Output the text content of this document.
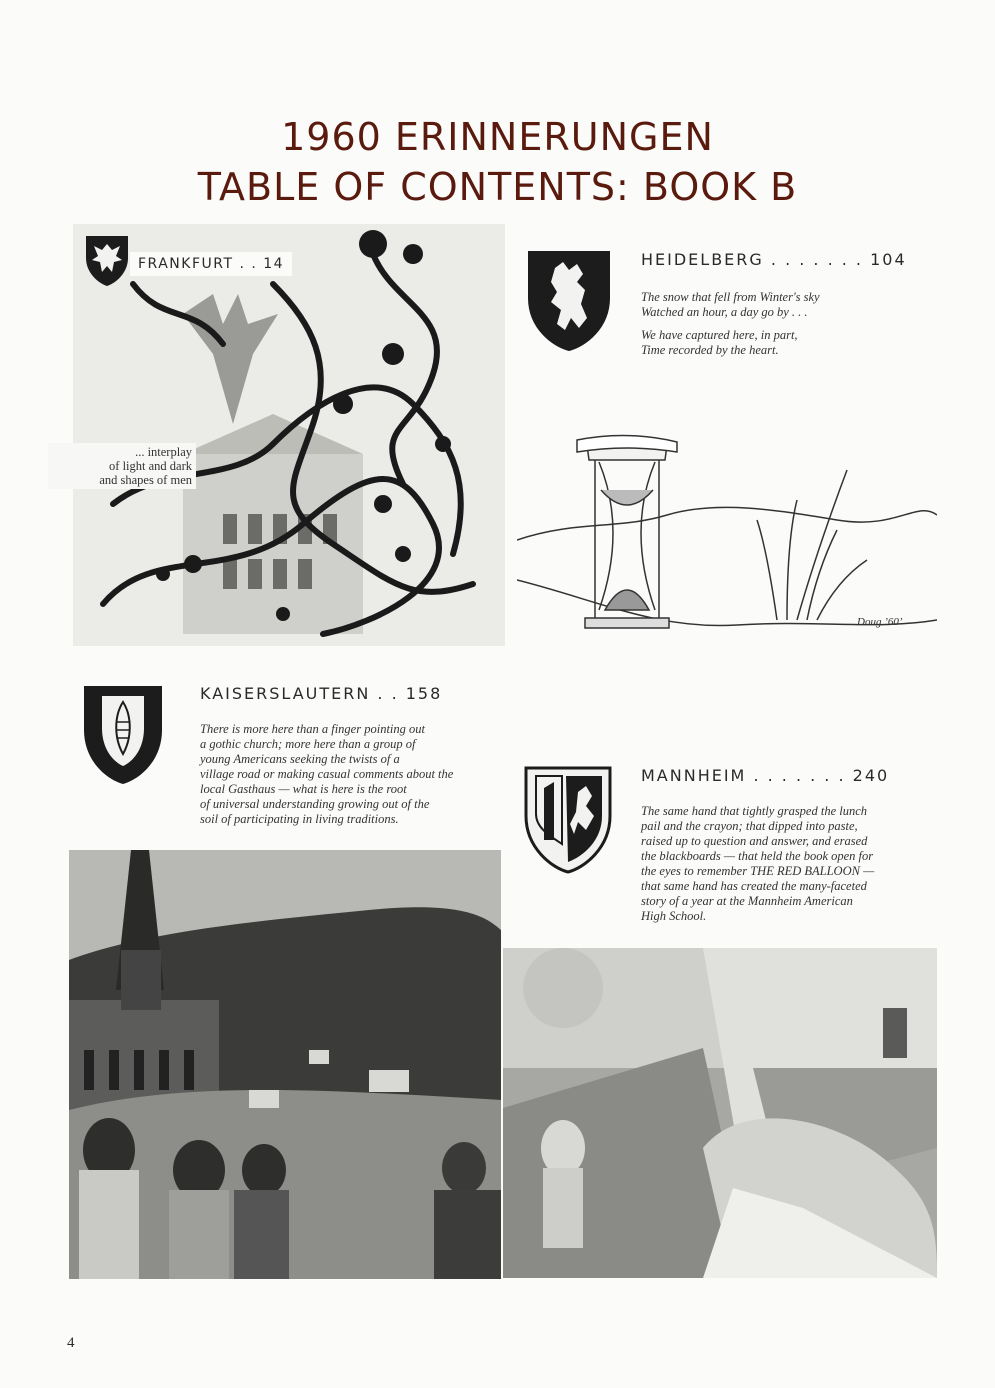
1960 ERINNERUNGEN
TABLE OF CONTENTS: BOOK B
FRANKFURT . . 14
... interplay
of light and dark
and shapes of men
HEIDELBERG . . . . . . . 104

The snow that fell from Winter's sky
Watched an hour, a day go by . . .

We have captured here, in part,
Time recorded by the heart.

Doug ’60’
KAISERSLAUTERN . . 158
There is more here than a finger pointing out
a gothic church; more here than a group of
young Americans seeking the twists of a
village road or making casual comments about the
local Gasthaus — what is here is the root
of universal understanding growing out of the
soil of participating in living traditions.
MANNHEIM . . . . . . . 240
The same hand that tightly grasped the lunch
pail and the crayon; that dipped into paste,
raised up to question and answer, and erased
the blackboards — that held the book open for
the eyes to remember THE RED BALLOON —
that same hand has created the many-faceted
story of a year at the Mannheim American
High School.
4
